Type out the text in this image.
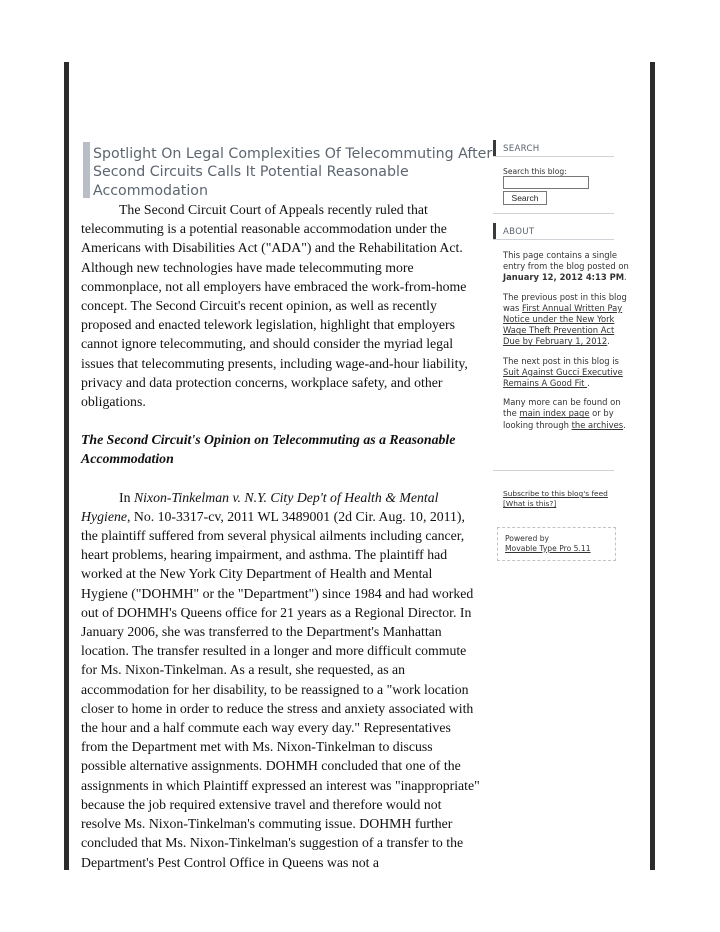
Spotlight On Legal Complexities Of Telecommuting After Second Circuits Calls It Potential Reasonable Accommodation

The Second Circuit Court of Appeals recently ruled that telecommuting is a potential reasonable accommodation under the Americans with Disabilities Act ("ADA") and the Rehabilitation Act. Although new technologies have made telecommuting more commonplace, not all employers have embraced the work-from-home concept. The Second Circuit's recent opinion, as well as recently proposed and enacted telework legislation, highlight that employers cannot ignore telecommuting, and should consider the myriad legal issues that telecommuting presents, including wage-and-hour liability, privacy and data protection concerns, workplace safety, and other obligations.

The Second Circuit's Opinion on Telecommuting as a Reasonable Accommodation

In Nixon-Tinkelman v. N.Y. City Dep't of Health & Mental Hygiene, No. 10-3317-cv, 2011 WL 3489001 (2d Cir. Aug. 10, 2011), the plaintiff suffered from several physical ailments including cancer, heart problems, hearing impairment, and asthma. The plaintiff had worked at the New York City Department of Health and Mental Hygiene ("DOHMH" or the "Department") since 1984 and had worked out of DOHMH's Queens office for 21 years as a Regional Director. In January 2006, she was transferred to the Department's Manhattan location. The transfer resulted in a longer and more difficult commute for Ms. Nixon-Tinkelman. As a result, she requested, as an accommodation for her disability, to be reassigned to a "work location closer to home in order to reduce the stress and anxiety associated with the hour and a half commute each way every day." Representatives from the Department met with Ms. Nixon-Tinkelman to discuss possible alternative assignments. DOHMH concluded that one of the assignments in which Plaintiff expressed an interest was "inappropriate" because the job required extensive travel and therefore would not resolve Ms. Nixon-Tinkelman's commuting issue. DOHMH further concluded that Ms. Nixon-Tinkelman's suggestion of a transfer to the Department's Pest Control Office in Queens was not a

SEARCH
Search this blog:
Search
ABOUT

This page contains a single entry from the blog posted on January 12, 2012 4:13 PM.

The previous post in this blog was First Annual Written Pay Notice under the New York Wage Theft Prevention Act Due by February 1, 2012.

The next post in this blog is Suit Against Gucci Executive Remains A Good Fit .

Many more can be found on the main index page or by looking through the archives.

Subscribe to this blog's feed
[What is this?]
Powered by
Movable Type Pro 5.11
